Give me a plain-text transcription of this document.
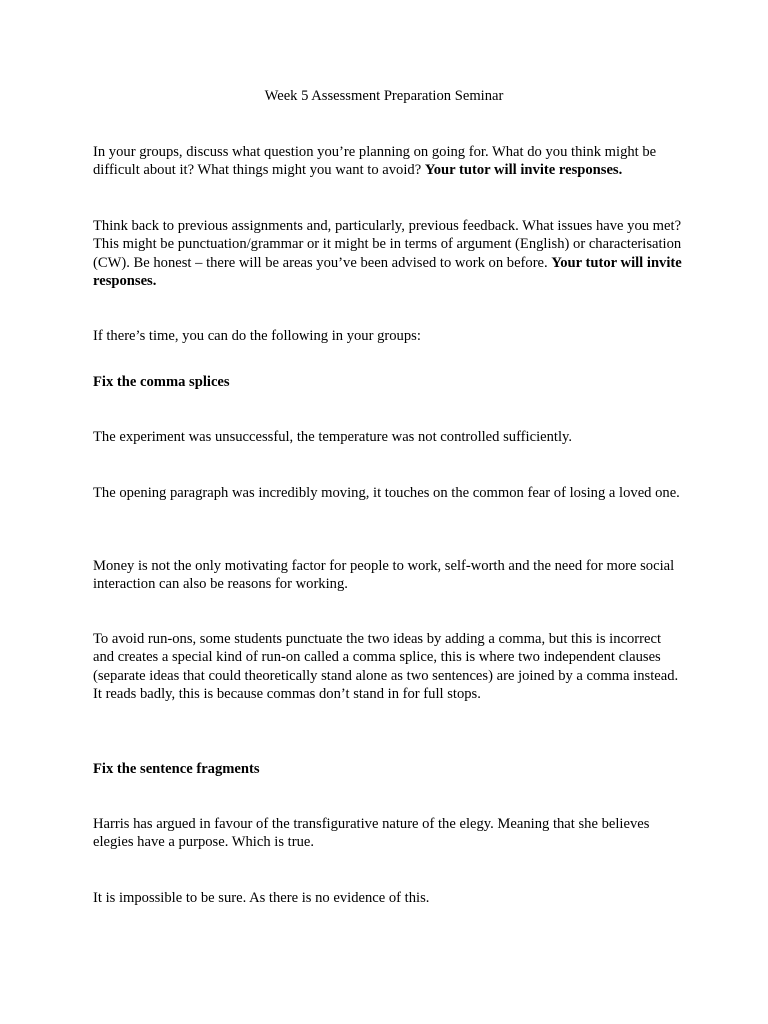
Week 5 Assessment Preparation Seminar

In your groups, discuss what question you’re planning on going for. What do you think might be difficult about it? What things might you want to avoid? Your tutor will invite responses.

Think back to previous assignments and, particularly, previous feedback. What issues have you met? This might be punctuation/grammar or it might be in terms of argument (English) or characterisation (CW). Be honest – there will be areas you’ve been advised to work on before. Your tutor will invite responses.

If there’s time, you can do the following in your groups:

Fix the comma splices

The experiment was unsuccessful, the temperature was not controlled sufficiently.

The opening paragraph was incredibly moving, it touches on the common fear of losing a loved one.

Money is not the only motivating factor for people to work, self-worth and the need for more social interaction can also be reasons for working.

To avoid run-ons, some students punctuate the two ideas by adding a comma, but this is incorrect and creates a special kind of run-on called a comma splice, this is where two independent clauses (separate ideas that could theoretically stand alone as two sentences) are joined by a comma instead. It reads badly, this is because commas don’t stand in for full stops.

Fix the sentence fragments

Harris has argued in favour of the transfigurative nature of the elegy. Meaning that she believes elegies have a purpose. Which is true.

It is impossible to be sure. As there is no evidence of this.
